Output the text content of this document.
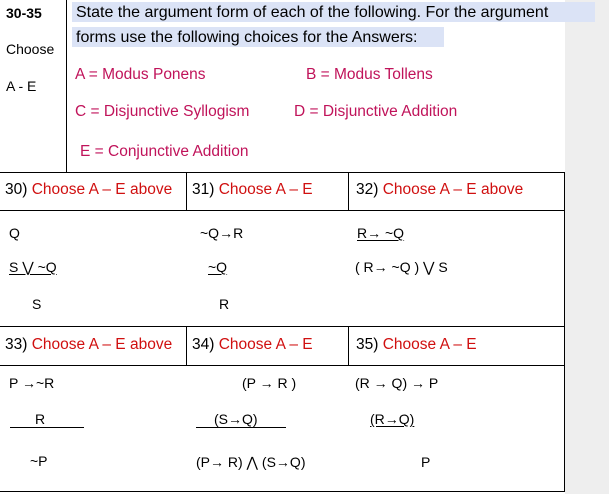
30-35
Choose
A - E
State the argument form of each of the following. For the argument
forms use the following choices for the Answers:
A = Modus Ponens	B = Modus Tollens
C = Disjunctive Syllogism	D = Disjunctive Addition
E = Conjunctive Addition
30) Choose A – E above
Q
S ⋁ ~Q
S
31) Choose A – E
~Q→R
~Q
R
32) Choose A – E above
R→ ~Q
( R→ ~Q ) ⋁ S
33) Choose A – E above
P →~R
R
~P
34) Choose A – E
(P → R )
(S→Q)
(P→ R) ⋀ (S→Q)
35) Choose A – E
(R → Q) → P
(R→Q)
P
